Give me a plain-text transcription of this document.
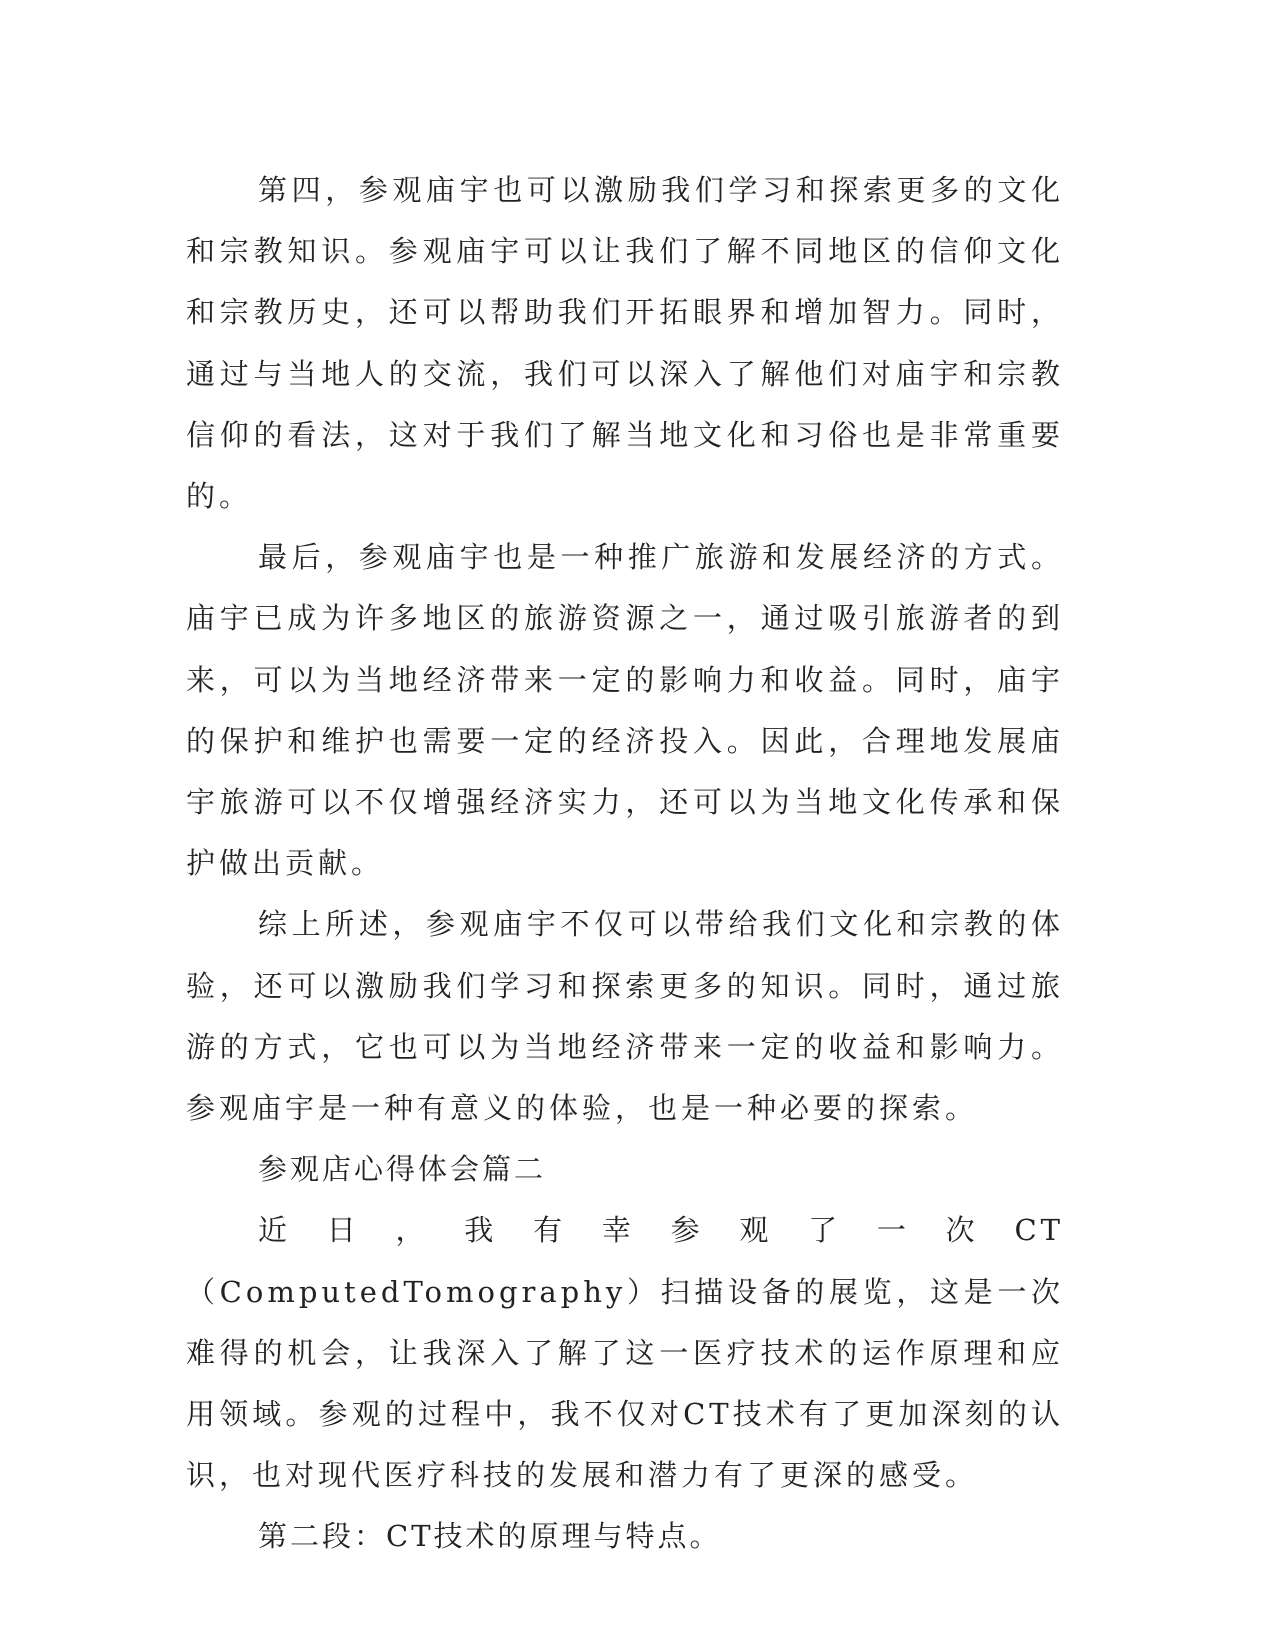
第四，参观庙宇也可以激励我们学习和探索更多的文化和宗教知识。参观庙宇可以让我们了解不同地区的信仰文化和宗教历史，还可以帮助我们开拓眼界和增加智力。同时，通过与当地人的交流，我们可以深入了解他们对庙宇和宗教信仰的看法，这对于我们了解当地文化和习俗也是非常重要的。

最后，参观庙宇也是一种推广旅游和发展经济的方式。庙宇已成为许多地区的旅游资源之一，通过吸引旅游者的到来，可以为当地经济带来一定的影响力和收益。同时，庙宇的保护和维护也需要一定的经济投入。因此，合理地发展庙宇旅游可以不仅增强经济实力，还可以为当地文化传承和保护做出贡献。

综上所述，参观庙宇不仅可以带给我们文化和宗教的体验，还可以激励我们学习和探索更多的知识。同时，通过旅游的方式，它也可以为当地经济带来一定的收益和影响力。参观庙宇是一种有意义的体验，也是一种必要的探索。

参观店心得体会篇二

近日，我有幸参观了一次CT（ComputedTomography）扫描设备的展览，这是一次难得的机会，让我深入了解了这一医疗技术的运作原理和应用领域。参观的过程中，我不仅对CT技术有了更加深刻的认识，也对现代医疗科技的发展和潜力有了更深的感受。

第二段：CT技术的原理与特点。
